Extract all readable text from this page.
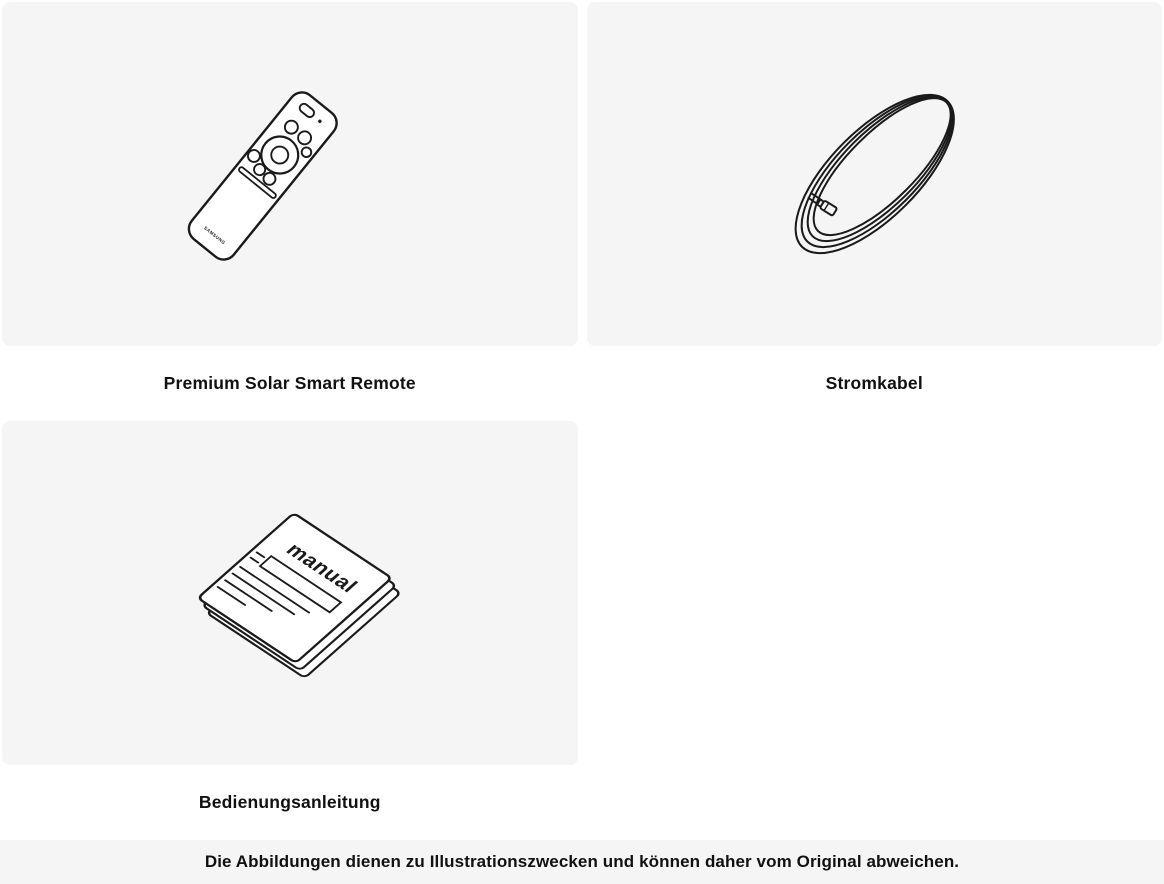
SAMSUNG
Premium Solar Smart Remote	Stromkabel
manual
Bedienungsanleitung
Die Abbildungen dienen zu Illustrationszwecken und können daher vom Original abweichen.
